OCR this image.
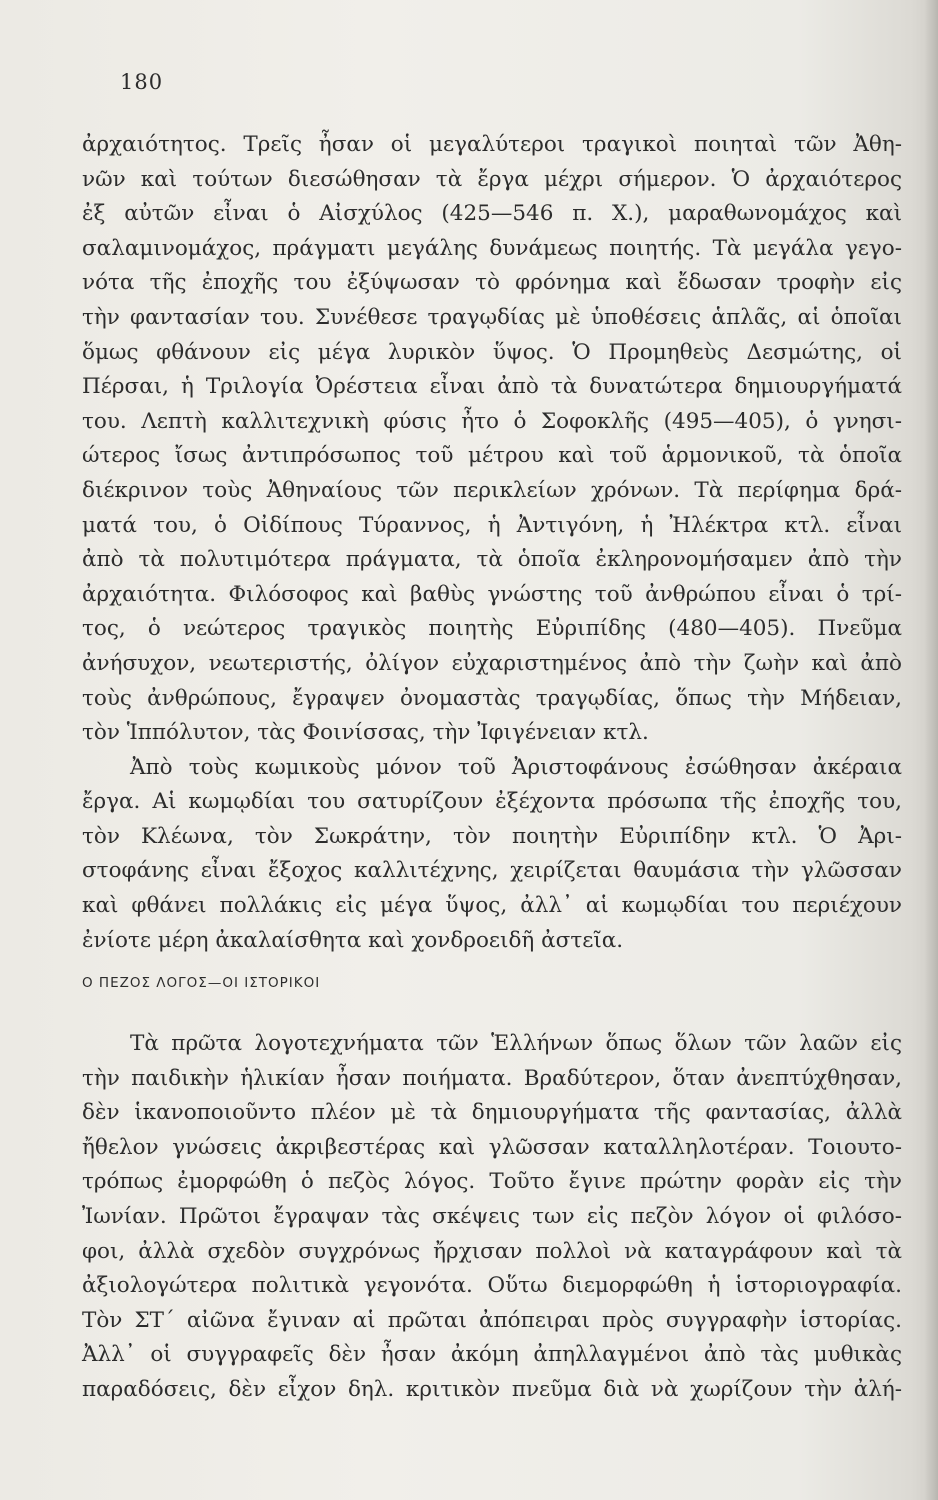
180
ἀρχαιότητος. Τρεῖς ἦσαν οἱ μεγαλύτεροι τραγικοὶ ποιηταὶ τῶν Ἀθη-
νῶν καὶ τούτων διεσώθησαν τὰ ἔργα μέχρι σήμερον. Ὁ ἀρχαιότερος
ἐξ αὐτῶν εἶναι ὁ Αἰσχύλος (425—546 π. Χ.), μαραθωνομάχος καὶ
σαλαμινομάχος, πράγματι μεγάλης δυνάμεως ποιητής. Τὰ μεγάλα γεγο-
νότα τῆς ἐποχῆς του ἐξύψωσαν τὸ φρόνημα καὶ ἔδωσαν τροφὴν εἰς
τὴν φαντασίαν του. Συνέθεσε τραγῳδίας μὲ ὑποθέσεις ἁπλᾶς, αἱ ὁποῖαι
ὅμως φθάνουν εἰς μέγα λυρικὸν ὕψος. Ὁ Προμηθεὺς Δεσμώτης, οἱ
Πέρσαι, ἡ Τριλογία Ὀρέστεια εἶναι ἀπὸ τὰ δυνατώτερα δημιουργήματά
του. Λεπτὴ καλλιτεχνικὴ φύσις ἦτο ὁ Σοφοκλῆς (495—405), ὁ γνησι-
ώτερος ἴσως ἀντιπρόσωπος τοῦ μέτρου καὶ τοῦ ἁρμονικοῦ, τὰ ὁποῖα
διέκρινον τοὺς Ἀθηναίους τῶν περικλείων χρόνων. Τὰ περίφημα δρά-
ματά του, ὁ Οἰδίπους Τύραννος, ἡ Ἀντιγόνη, ἡ Ἠλέκτρα κτλ. εἶναι
ἀπὸ τὰ πολυτιμότερα πράγματα, τὰ ὁποῖα ἐκληρονομήσαμεν ἀπὸ τὴν
ἀρχαιότητα. Φιλόσοφος καὶ βαθὺς γνώστης τοῦ ἀνθρώπου εἶναι ὁ τρί-
τος, ὁ νεώτερος τραγικὸς ποιητὴς Εὐριπίδης (480—405). Πνεῦμα
ἀνήσυχον, νεωτεριστής, ὀλίγον εὐχαριστημένος ἀπὸ τὴν ζωὴν καὶ ἀπὸ
τοὺς ἀνθρώπους, ἔγραψεν ὀνομαστὰς τραγῳδίας, ὅπως τὴν Μήδειαν,
τὸν Ἱππόλυτον, τὰς Φοινίσσας, τὴν Ἰφιγένειαν κτλ.
Ἀπὸ τοὺς κωμικοὺς μόνον τοῦ Ἀριστοφάνους ἐσώθησαν ἀκέραια
ἔργα. Αἱ κωμῳδίαι του σατυρίζουν ἐξέχοντα πρόσωπα τῆς ἐποχῆς του,
τὸν Κλέωνα, τὸν Σωκράτην, τὸν ποιητὴν Εὐριπίδην κτλ. Ὁ Ἀρι-
στοφάνης εἶναι ἔξοχος καλλιτέχνης, χειρίζεται θαυμάσια τὴν γλῶσσαν
καὶ φθάνει πολλάκις εἰς μέγα ὕψος, ἀλλ᾽ αἱ κωμῳδίαι του περιέχουν
ἐνίοτε μέρη ἀκαλαίσθητα καὶ χονδροειδῆ ἀστεῖα.
Ο ΠΕΖΟΣ ΛΟΓΟΣ—ΟΙ ΙΣΤΟΡΙΚΟΙ
Τὰ πρῶτα λογοτεχνήματα τῶν Ἑλλήνων ὅπως ὅλων τῶν λαῶν εἰς
τὴν παιδικὴν ἡλικίαν ἦσαν ποιήματα. Βραδύτερον, ὅταν ἀνεπτύχθησαν,
δὲν ἱκανοποιοῦντο πλέον μὲ τὰ δημιουργήματα τῆς φαντασίας, ἀλλὰ
ἤθελον γνώσεις ἀκριβεστέρας καὶ γλῶσσαν καταλληλοτέραν. Τοιουτο-
τρόπως ἐμορφώθη ὁ πεζὸς λόγος. Τοῦτο ἔγινε πρώτην φορὰν εἰς τὴν
Ἰωνίαν. Πρῶτοι ἔγραψαν τὰς σκέψεις των εἰς πεζὸν λόγον οἱ φιλόσο-
φοι, ἀλλὰ σχεδὸν συγχρόνως ἤρχισαν πολλοὶ νὰ καταγράφουν καὶ τὰ
ἀξιολογώτερα πολιτικὰ γεγονότα. Οὕτω διεμορφώθη ἡ ἱστοριογραφία.
Τὸν ΣΤ´ αἰῶνα ἔγιναν αἱ πρῶται ἀπόπειραι πρὸς συγγραφὴν ἱστορίας.
Ἀλλ᾽ οἱ συγγραφεῖς δὲν ἦσαν ἀκόμη ἀπηλλαγμένοι ἀπὸ τὰς μυθικὰς
παραδόσεις, δὲν εἶχον δηλ. κριτικὸν πνεῦμα διὰ νὰ χωρίζουν τὴν ἀλή-
